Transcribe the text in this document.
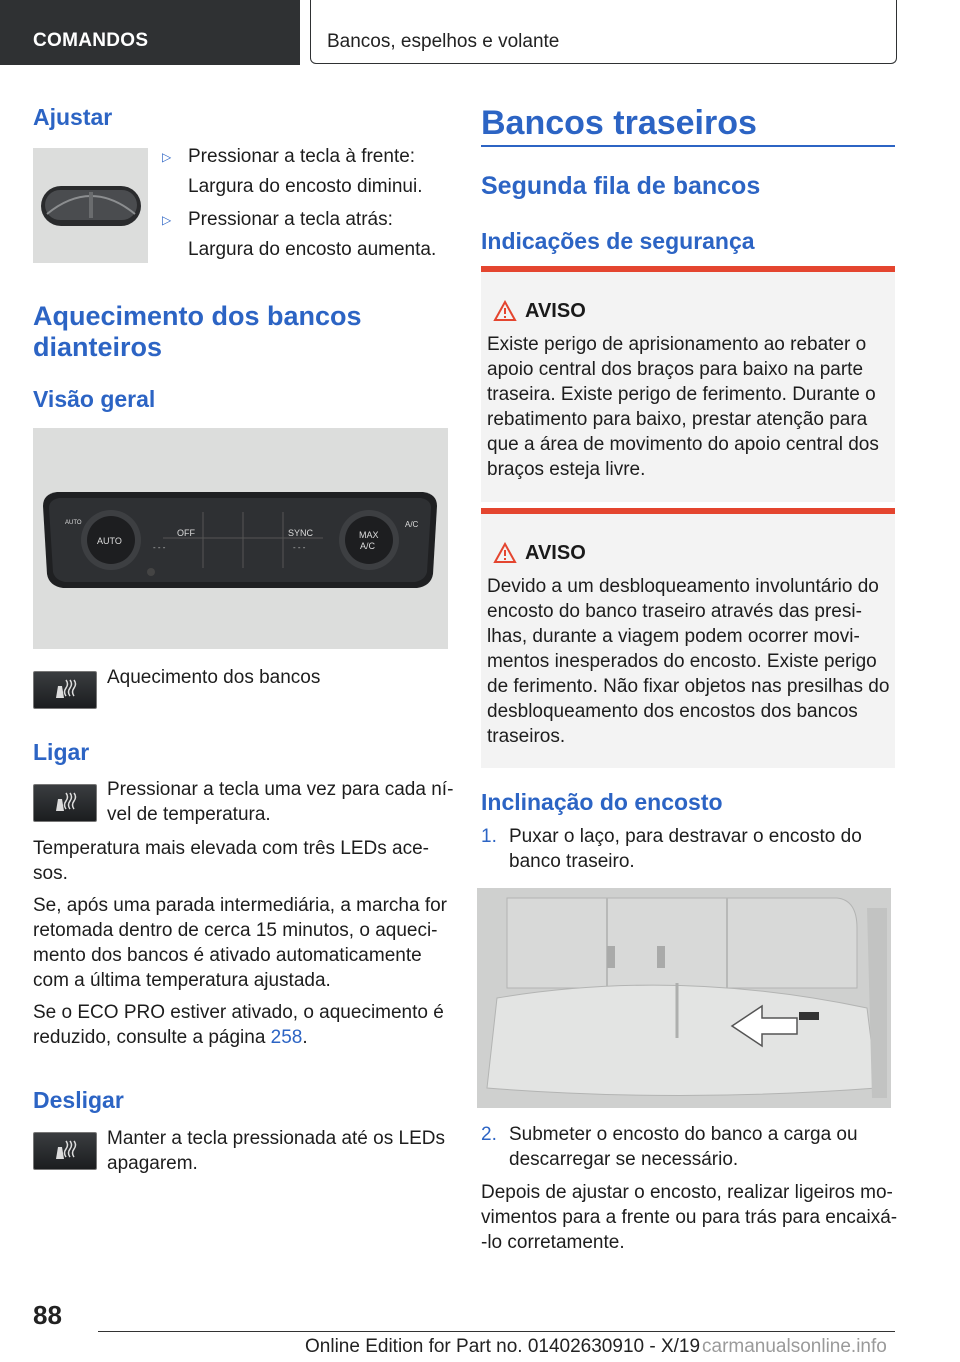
COMANDOS	Bancos, espelhos e volante
Ajustar
▷ Pressionar a tecla à frente:
Largura do encosto diminui.
▷ Pressionar a tecla atrás:
Largura do encosto aumenta.
Aquecimento dos bancos
dianteiros
Visão geral
- - -	- - -
OFF	SYNC
AUTO
MAX
A/C
A/C
AUTO
Aquecimento dos bancos
Ligar
Pressionar a tecla uma vez para cada ní-
vel de temperatura.
Temperatura mais elevada com três LEDs ace-
sos.
Se, após uma parada intermediária, a marcha for
retomada dentro de cerca 15 minutos, o aqueci-
mento dos bancos é ativado automaticamente
com a última temperatura ajustada.
Se o ECO PRO estiver ativado, o aquecimento é
reduzido, consulte a página 258.
Desligar
Manter a tecla pressionada até os LEDs
apagarem.
Bancos traseiros
Segunda fila de bancos
Indicações de segurança
AVISO
Existe perigo de aprisionamento ao rebater o
apoio central dos braços para baixo na parte
traseira. Existe perigo de ferimento. Durante o
rebatimento para baixo, prestar atenção para
que a área de movimento do apoio central dos
braços esteja livre.
AVISO
Devido a um desbloqueamento involuntário do
encosto do banco traseiro através das presi-
lhas, durante a viagem podem ocorrer movi-
mentos inesperados do encosto. Existe perigo
de ferimento. Não fixar objetos nas presilhas do
desbloqueamento dos encostos dos bancos
traseiros.
Inclinação do encosto
1. Puxar o laço, para destravar o encosto do
banco traseiro.
2. Submeter o encosto do banco a carga ou
descarregar se necessário.
Depois de ajustar o encosto, realizar ligeiros mo-
vimentos para a frente ou para trás para encaixá-
-lo corretamente.
88
Online Edition for Part no. 01402630910 - X/19 carmanualsonline.info
